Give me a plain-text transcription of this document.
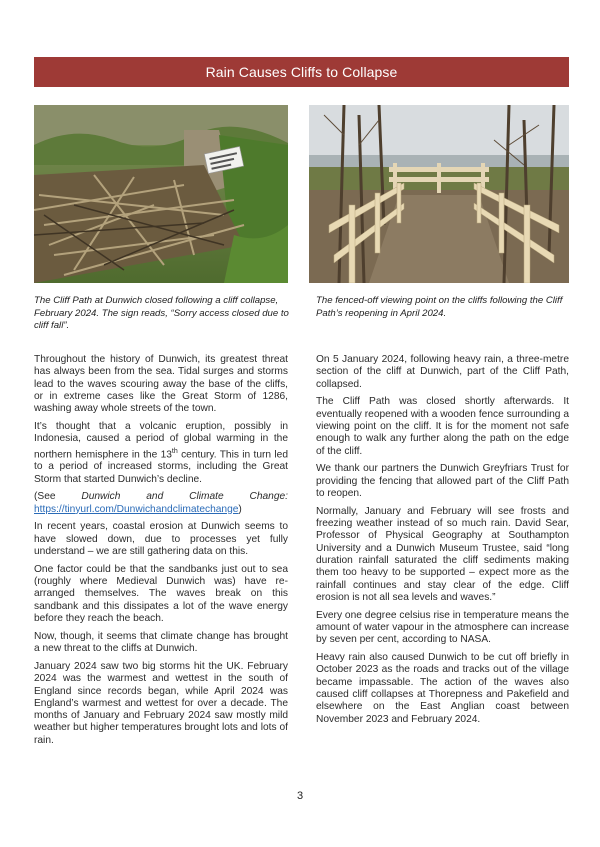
Rain Causes Cliffs to Collapse
The Cliff Path at Dunwich closed following a cliff collapse, February 2024. The sign reads, “Sorry access closed due to cliff fall”.
The fenced-off viewing point on the cliffs following the Cliff Path’s reopening in April 2024.

Throughout the history of Dunwich, its greatest threat has always been from the sea. Tidal surges and storms lead to the waves scouring away the base of the cliffs, or in extreme cases like the Great Storm of 1286, washing away whole streets of the town.

It’s thought that a volcanic eruption, possibly in Indonesia, caused a period of global warming in the northern hemisphere in the 13th century. This in turn led to a period of increased storms, including the Great Storm that started Dunwich’s decline.

(See Dunwich and Climate Change: https://tinyurl.com/Dunwichandclimatechange)

In recent years, coastal erosion at Dunwich seems to have slowed down, due to processes yet fully understand – we are still gathering data on this.

One factor could be that the sandbanks just out to sea (roughly where Medieval Dunwich was) have re-arranged themselves. The waves break on this sandbank and this dissipates a lot of the wave energy before they reach the beach.

Now, though, it seems that climate change has brought a new threat to the cliffs at Dunwich.

January 2024 saw two big storms hit the UK. February 2024 was the warmest and wettest in the south of England since records began, while April 2024 was England’s warmest and wettest for over a decade. The months of January and February 2024 saw mostly mild weather but higher temperatures brought lots and lots of rain.

On 5 January 2024, following heavy rain, a three-metre section of the cliff at Dunwich, part of the Cliff Path, collapsed.

The Cliff Path was closed shortly afterwards. It eventually reopened with a wooden fence surrounding a viewing point on the cliff. It is for the moment not safe enough to walk any further along the path on the edge of the cliff.

We thank our partners the Dunwich Greyfriars Trust for providing the fencing that allowed part of the Cliff Path to reopen.

Normally, January and February will see frosts and freezing weather instead of so much rain. David Sear, Professor of Physical Geography at Southampton University and a Dunwich Museum Trustee, said “long duration rainfall saturated the cliff sediments making them too heavy to be supported – expect more as the rainfall continues and stay clear of the edge. Cliff erosion is not all sea levels and waves.”

Every one degree celsius rise in temperature means the amount of water vapour in the atmosphere can increase by seven per cent, according to NASA.

Heavy rain also caused Dunwich to be cut off briefly in October 2023 as the roads and tracks out of the village became impassable. The action of the waves also caused cliff collapses at Thorepness and Pakefield and elsewhere on the East Anglian coast between November 2023 and February 2024.

3
